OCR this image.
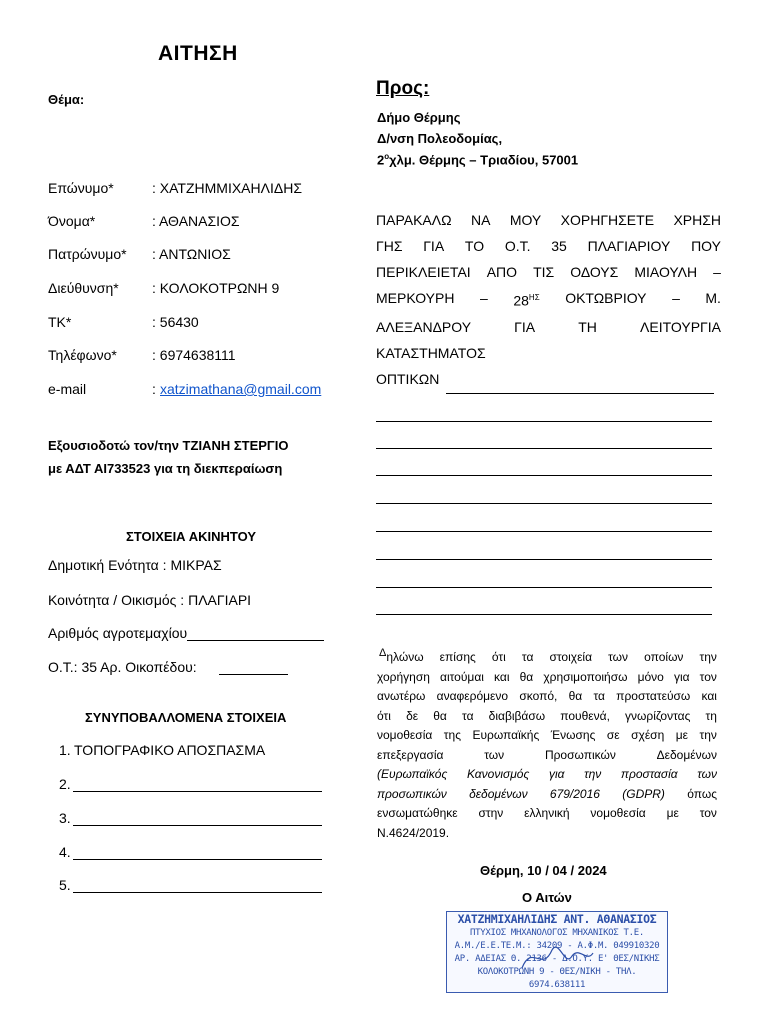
ΑΙΤΗΣΗ
Θέμα:
Επώνυμο*	: ΧΑΤΖΗΜΜΙΧΑΗΛΙΔΗΣ
Όνομα*	: ΑΘΑΝΑΣΙΟΣ
Πατρώνυμο* : ΑΝΤΩΝΙΟΣ
Διεύθυνση* : ΚΟΛΟΚΟΤΡΩΝΗ 9
ΤΚ*	: 56430
Τηλέφωνο*	: 6974638111
e-mail	: xatzimathana@gmail.com
Εξουσιοδοτώ τον/την ΤΖΙΑΝΗ ΣΤΕΡΓΙΟ
με ΑΔΤ ΑΙ733523 για τη διεκπεραίωση
ΣΤΟΙΧΕΙΑ ΑΚΙΝΗΤΟΥ
Δημοτική Ενότητα : ΜΙΚΡΑΣ
Κοινότητα / Οικισμός : ΠΛΑΓΙΑΡΙ
Αριθμός αγροτεμαχίου
Ο.Τ.: 35 Αρ. Οικοπέδου:
ΣΥΝΥΠΟΒΑΛΛΟΜΕΝΑ ΣΤΟΙΧΕΙΑ
1. ΤΟΠΟΓΡΑΦΙΚΟ ΑΠΟΣΠΑΣΜΑ
2.
3.
4.
5.
Προς:
Δήμο Θέρμης
Δ/νση Πολεοδομίας,
$2^o\chi\lambda\mu$. Θέρμης – Τριαδίου, 57001
ΠΑΡΑΚΑΛΩ ΝΑ ΜΟΥ ΧΟΡΗΓΗΣΕΤΕ ΧΡΗΣΗ
ΓΗΣ ΓΙΑ ΤΟ Ο.Τ. 35 ΠΛΑΓΙΑΡΙΟΥ ΠΟΥ
ΠΕΡΙΚΛΕΙΕΤΑΙ ΑΠΟ ΤΙΣ ΟΔΟΥΣ ΜΙΑΟΥΛΗ –
ΜΕΡΚΟΥΡΗ – $28^{H\Sigma}$ ΟΚΤΩΒΡΙΟΥ – Μ.
ΑΛΕΞΑΝΔΡΟΥ	ΓΙΑ	ΤΗ	ΛΕΙΤΟΥΡΓΙΑ
ΚΑΤΑΣΤΗΜΑΤΟΣ
ΟΠΤΙΚΩΝ
Δ ηλώνω επίσης ότι τα στοιχεία των οποίων την
χορήγηση αιτούμαι και θα χρησιμοποιήσω μόνο για τον
ανωτέρω αναφερόμενο σκοπό, θα τα προστατεύσω και
ότι δε θα τα διαβιβάσω πουθενά, γνωρίζοντας τη
νομοθεσία της Ευρωπαϊκής Ένωσης σε σχέση με την
επεξεργασία	των	Προσωπικών	Δεδομένων
(Ευρωπαϊκός Κανονισμός για την προστασία των
προσωπικών δεδομένων 679/2016 (GDPR) όπως
ενσωματώθηκε στην ελληνική νομοθεσία με τον
Ν.4624/2019.
Θέρμη, 10 / 04 / 2024
Ο Αιτών
ΧΑΤΖΗΜΙΧΑΗΛΙΔΗΣ ΑΝΤ. ΑΘΑΝΑΣΙΟΣ
ΠΤΥΧΙΟΣ ΜΗΧΑΝΟΛΟΓΟΣ ΜΗΧΑΝΙΚΟΣ Τ.Ε.
Α.Μ./Ε.Ε.ΤΕ.Μ.: 34209 - Α.Φ.Μ. 049910320
ΑΡ. ΑΔΕΙΑΣ Θ. 2136 - Δ.Ο.Υ. Ε' ΘΕΣ/ΝΙΚΗΣ
ΚΟΛΟΚΟΤΡΩΝΗ 9 - ΘΕΣ/ΝΙΚΗ - ΤΗΛ. 6974.638111
